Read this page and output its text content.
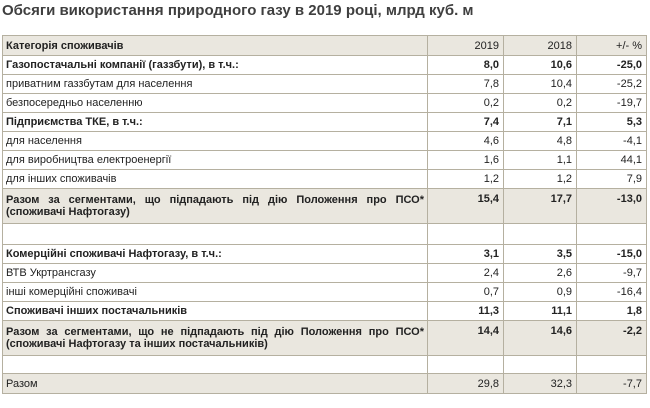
Обсяги використання природного газу в 2019 році, млрд куб. м
Категорія споживачів	2019	2018	+/- %
Газопостачальні компанії (газзбути), в т.ч.:	8,0	10,6	-25,0
приватним газзбутам для населення	7,8	10,4	-25,2
безпосередньо населенню	0,2	0,2	-19,7
Підприємства ТКЕ, в т.ч.:	7,4	7,1	5,3
для населення	4,6	4,8	-4,1
для виробництва електроенергії	1,6	1,1	44,1
для інших споживачів	1,2	1,2	7,9
Разом за сегментами, що підпадають під дію Положення про ПСО* (споживачі Нафтогазу)	15,4	17,7	-13,0

Комерційні споживачі Нафтогазу, в т.ч.:	3,1	3,5	-15,0
ВТВ Укртрансгазу	2,4	2,6	-9,7
інші комерційні споживачі	0,7	0,9	-16,4
Споживачі інших постачальників	11,3	11,1	1,8
Разом за сегментами, що не підпадають під дію Положення про ПСО* (споживачі Нафтогазу та інших постачальників)	14,4	14,6	-2,2

Разом	29,8	32,3	-7,7
